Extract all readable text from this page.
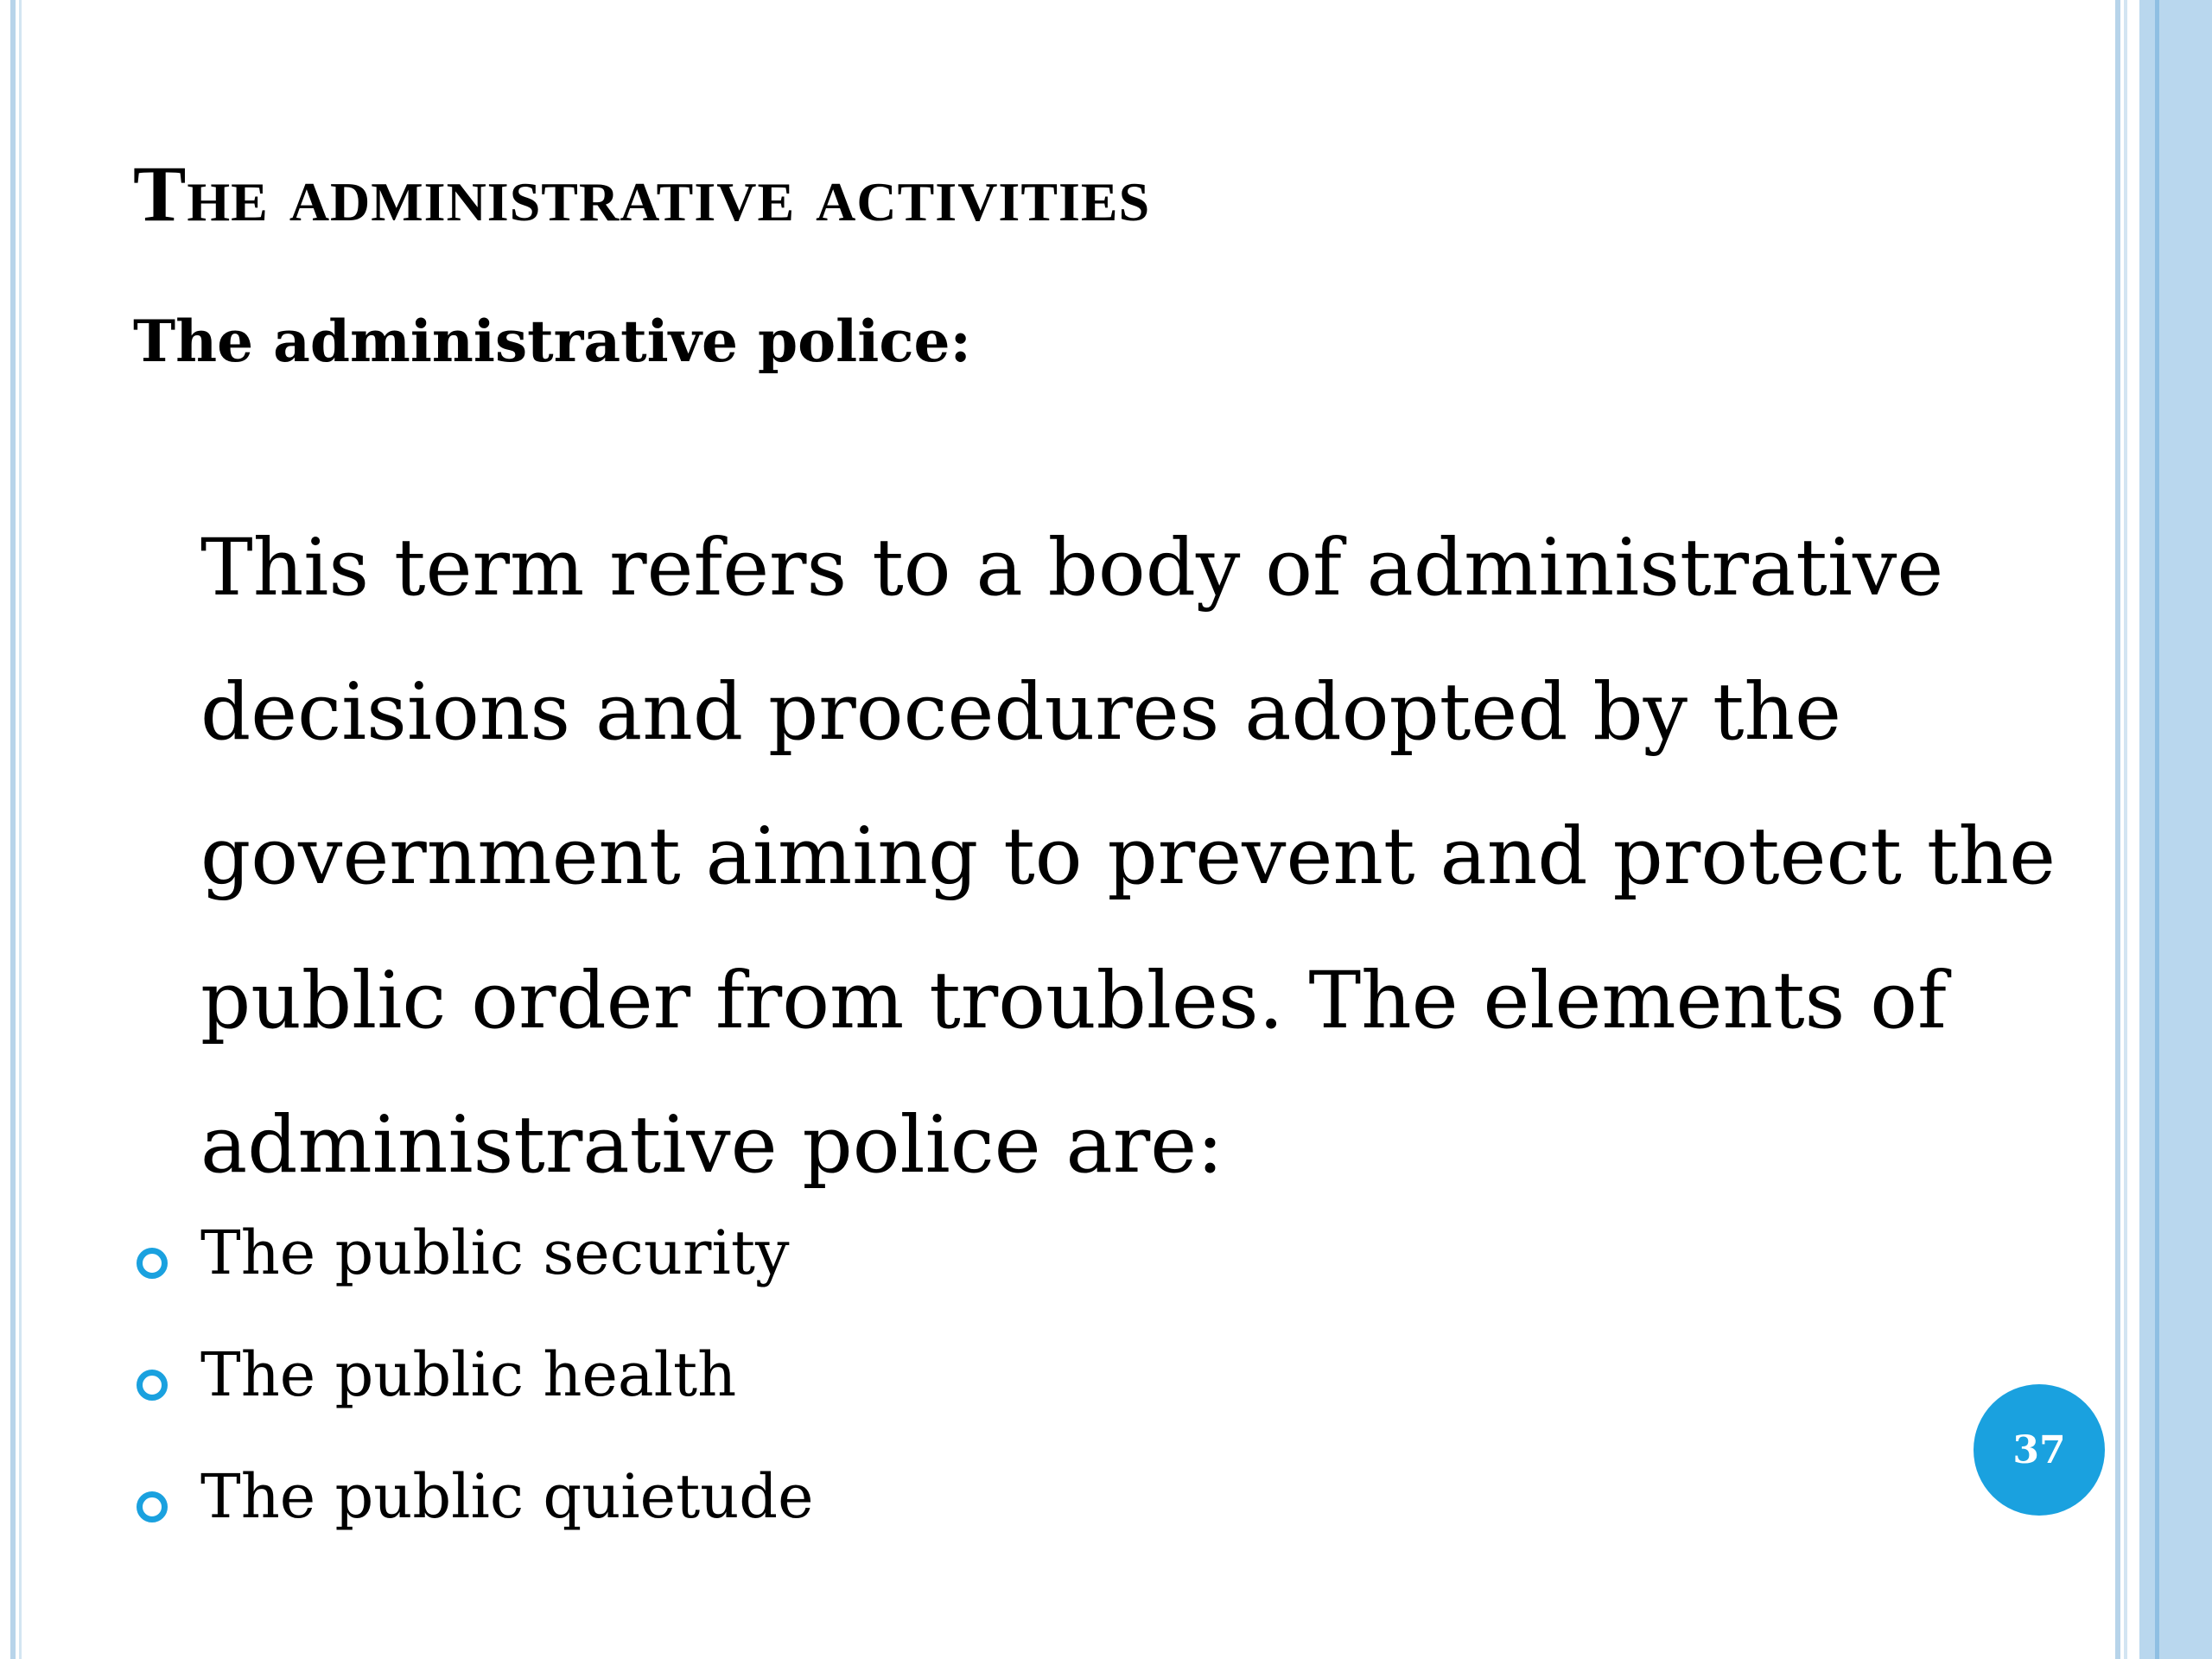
The administrative activities
The administrative police:
This term refers to a body of administrative
decisions and procedures adopted by the
government aiming to prevent and protect the
public order from troubles. The elements of
administrative police are:
The public security
The public health
The public quietude
37
